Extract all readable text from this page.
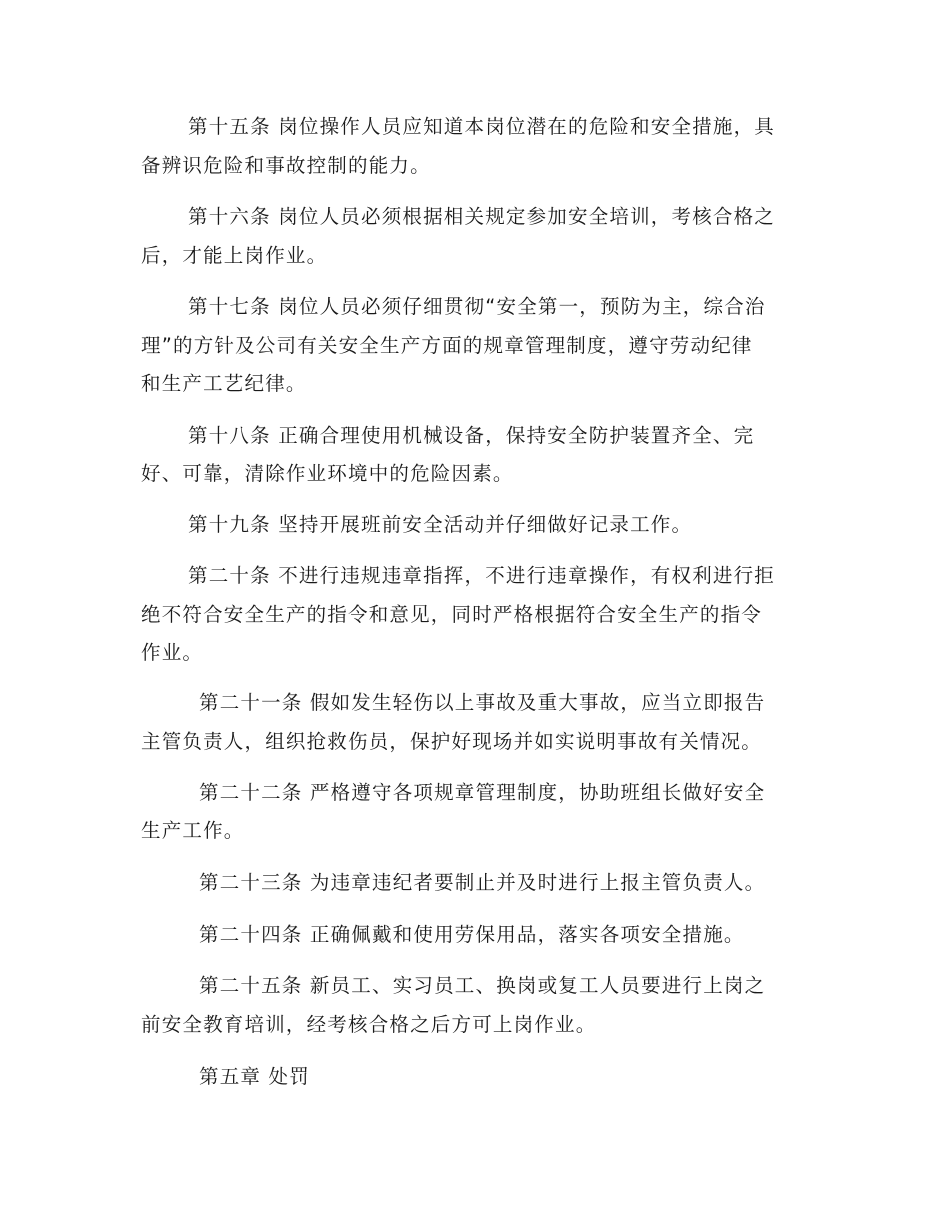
第十五条 岗位操作人员应知道本岗位潜在的危险和安全措施，具
备辨识危险和事故控制的能力。
第十六条 岗位人员必须根据相关规定参加安全培训，考核合格之
后，才能上岗作业。
第十七条 岗位人员必须仔细贯彻“安全第一，预防为主，综合治
理”的方针及公司有关安全生产方面的规章管理制度，遵守劳动纪律
和生产工艺纪律。
第十八条 正确合理使用机械设备，保持安全防护装置齐全、完
好、可靠，清除作业环境中的危险因素。
第十九条 坚持开展班前安全活动并仔细做好记录工作。
第二十条 不进行违规违章指挥，不进行违章操作，有权利进行拒
绝不符合安全生产的指令和意见，同时严格根据符合安全生产的指令
作业。
第二十一条 假如发生轻伤以上事故及重大事故，应当立即报告
主管负责人，组织抢救伤员，保护好现场并如实说明事故有关情况。
第二十二条 严格遵守各项规章管理制度，协助班组长做好安全
生产工作。
第二十三条 为违章违纪者要制止并及时进行上报主管负责人。
第二十四条 正确佩戴和使用劳保用品，落实各项安全措施。
第二十五条 新员工、实习员工、换岗或复工人员要进行上岗之
前安全教育培训，经考核合格之后方可上岗作业。
第五章 处罚
